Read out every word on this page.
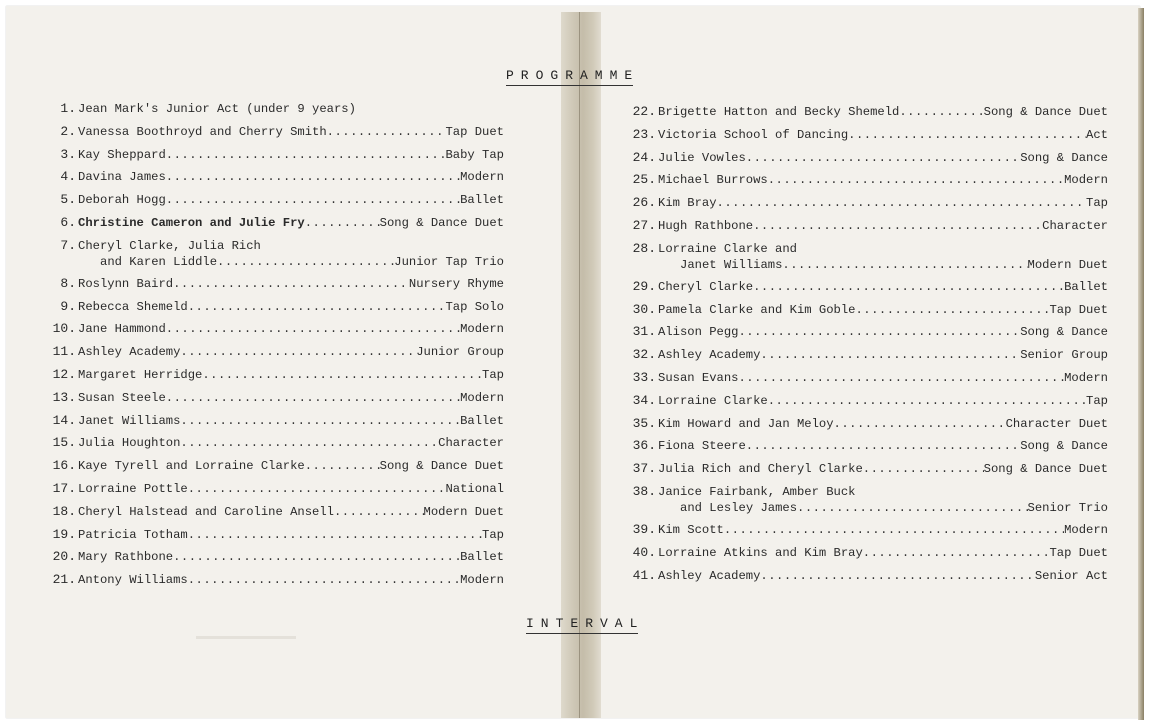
PROGRAMME
1. Jean Mark's Junior Act (under 9 years)
2. Vanessa Boothroyd and Cherry Smith .....	Tap Duet
3. Kay Sheppard .....	Baby Tap
4. Davina James .....	Modern
5. Deborah Hogg .....	Ballet
6. Christine Cameron and Julie Fry .....	Song & Dance Duet
7. Cheryl Clarke, Julia Rich
and Karen Liddle .....	Junior Tap Trio
8. Roslynn Baird .....	Nursery Rhyme
9. Rebecca Shemeld .....	Tap Solo
10. Jane Hammond .....	Modern
11. Ashley Academy .....	Junior Group
12. Margaret Herridge .....	Tap
13. Susan Steele .....	Modern
14. Janet Williams .....	Ballet
15. Julia Houghton .....	Character
16. Kaye Tyrell and Lorraine Clarke .....	Song & Dance Duet
17. Lorraine Pottle .....	National
18. Cheryl Halstead and Caroline Ansell .....	Modern Duet
19. Patricia Totham .....	Tap
20. Mary Rathbone .....	Ballet
21. Antony Williams .....	Modern
22. Brigette Hatton and Becky Shemeld .....	Song & Dance Duet
23. Victoria School of Dancing .....	Act
24. Julie Vowles .....	Song & Dance
25. Michael Burrows .....	Modern
26. Kim Bray .....	Tap
27. Hugh Rathbone .....	Character
28. Lorraine Clarke and
Janet Williams .....	Modern Duet
29. Cheryl Clarke .....	Ballet
30. Pamela Clarke and Kim Goble .....	Tap Duet
31. Alison Pegg .....	Song & Dance
32. Ashley Academy .....	Senior Group
33. Susan Evans .....	Modern
34. Lorraine Clarke .....	Tap
35. Kim Howard and Jan Meloy .....	Character Duet
36. Fiona Steere .....	Song & Dance
37. Julia Rich and Cheryl Clarke .....	Song & Dance Duet
38. Janice Fairbank, Amber Buck
and Lesley James .....	Senior Trio
39. Kim Scott .....	Modern
40. Lorraine Atkins and Kim Bray .....	Tap Duet
41. Ashley Academy .....	Senior Act
INTERVAL
